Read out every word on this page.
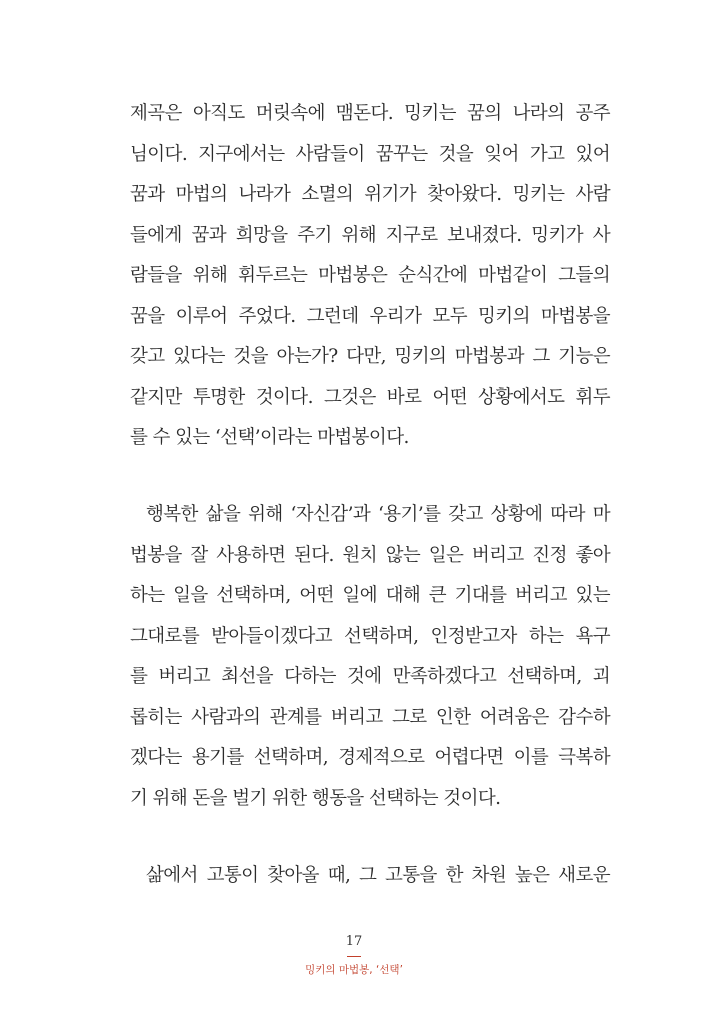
제곡은 아직도 머릿속에 맴돈다. 밍키는 꿈의 나라의 공주
님이다. 지구에서는 사람들이 꿈꾸는 것을 잊어 가고 있어
꿈과 마법의 나라가 소멸의 위기가 찾아왔다. 밍키는 사람
들에게 꿈과 희망을 주기 위해 지구로 보내졌다. 밍키가 사
람들을 위해 휘두르는 마법봉은 순식간에 마법같이 그들의
꿈을 이루어 주었다. 그런데 우리가 모두 밍키의 마법봉을
갖고 있다는 것을 아는가? 다만, 밍키의 마법봉과 그 기능은
같지만 투명한 것이다. 그것은 바로 어떤 상황에서도 휘두
를 수 있는 ‘선택’이라는 마법봉이다.
행복한 삶을 위해 ‘자신감’과 ‘용기’를 갖고 상황에 따라 마
법봉을 잘 사용하면 된다. 원치 않는 일은 버리고 진정 좋아
하는 일을 선택하며, 어떤 일에 대해 큰 기대를 버리고 있는
그대로를 받아들이겠다고 선택하며, 인정받고자 하는 욕구
를 버리고 최선을 다하는 것에 만족하겠다고 선택하며, 괴
롭히는 사람과의 관계를 버리고 그로 인한 어려움은 감수하
겠다는 용기를 선택하며, 경제적으로 어렵다면 이를 극복하
기 위해 돈을 벌기 위한 행동을 선택하는 것이다.
삶에서 고통이 찾아올 때, 그 고통을 한 차원 높은 새로운
17
밍키의 마법봉, ‘선택’
